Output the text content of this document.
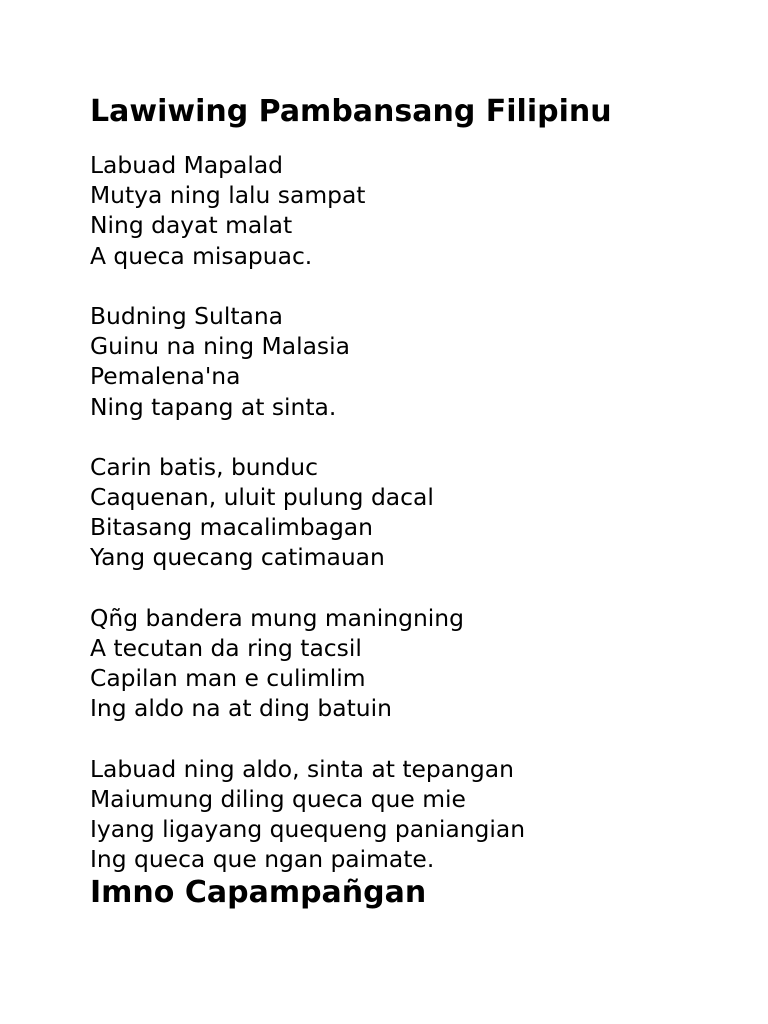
Lawiwing Pambansang Filipinu
Labuad Mapalad
Mutya ning lalu sampat
Ning dayat malat
A queca misapuac.
Budning Sultana
Guinu na ning Malasia
Pemalena'na
Ning tapang at sinta.
Carin batis, bunduc
Caquenan, uluit pulung dacal
Bitasang macalimbagan
Yang quecang catimauan
Qñg bandera mung maningning
A tecutan da ring tacsil
Capilan man e culimlim
Ing aldo na at ding batuin
Labuad ning aldo, sinta at tepangan
Maiumung diling queca que mie
Iyang ligayang quequeng paniangian
Ing queca que ngan paimate.
Imno Capampañgan
